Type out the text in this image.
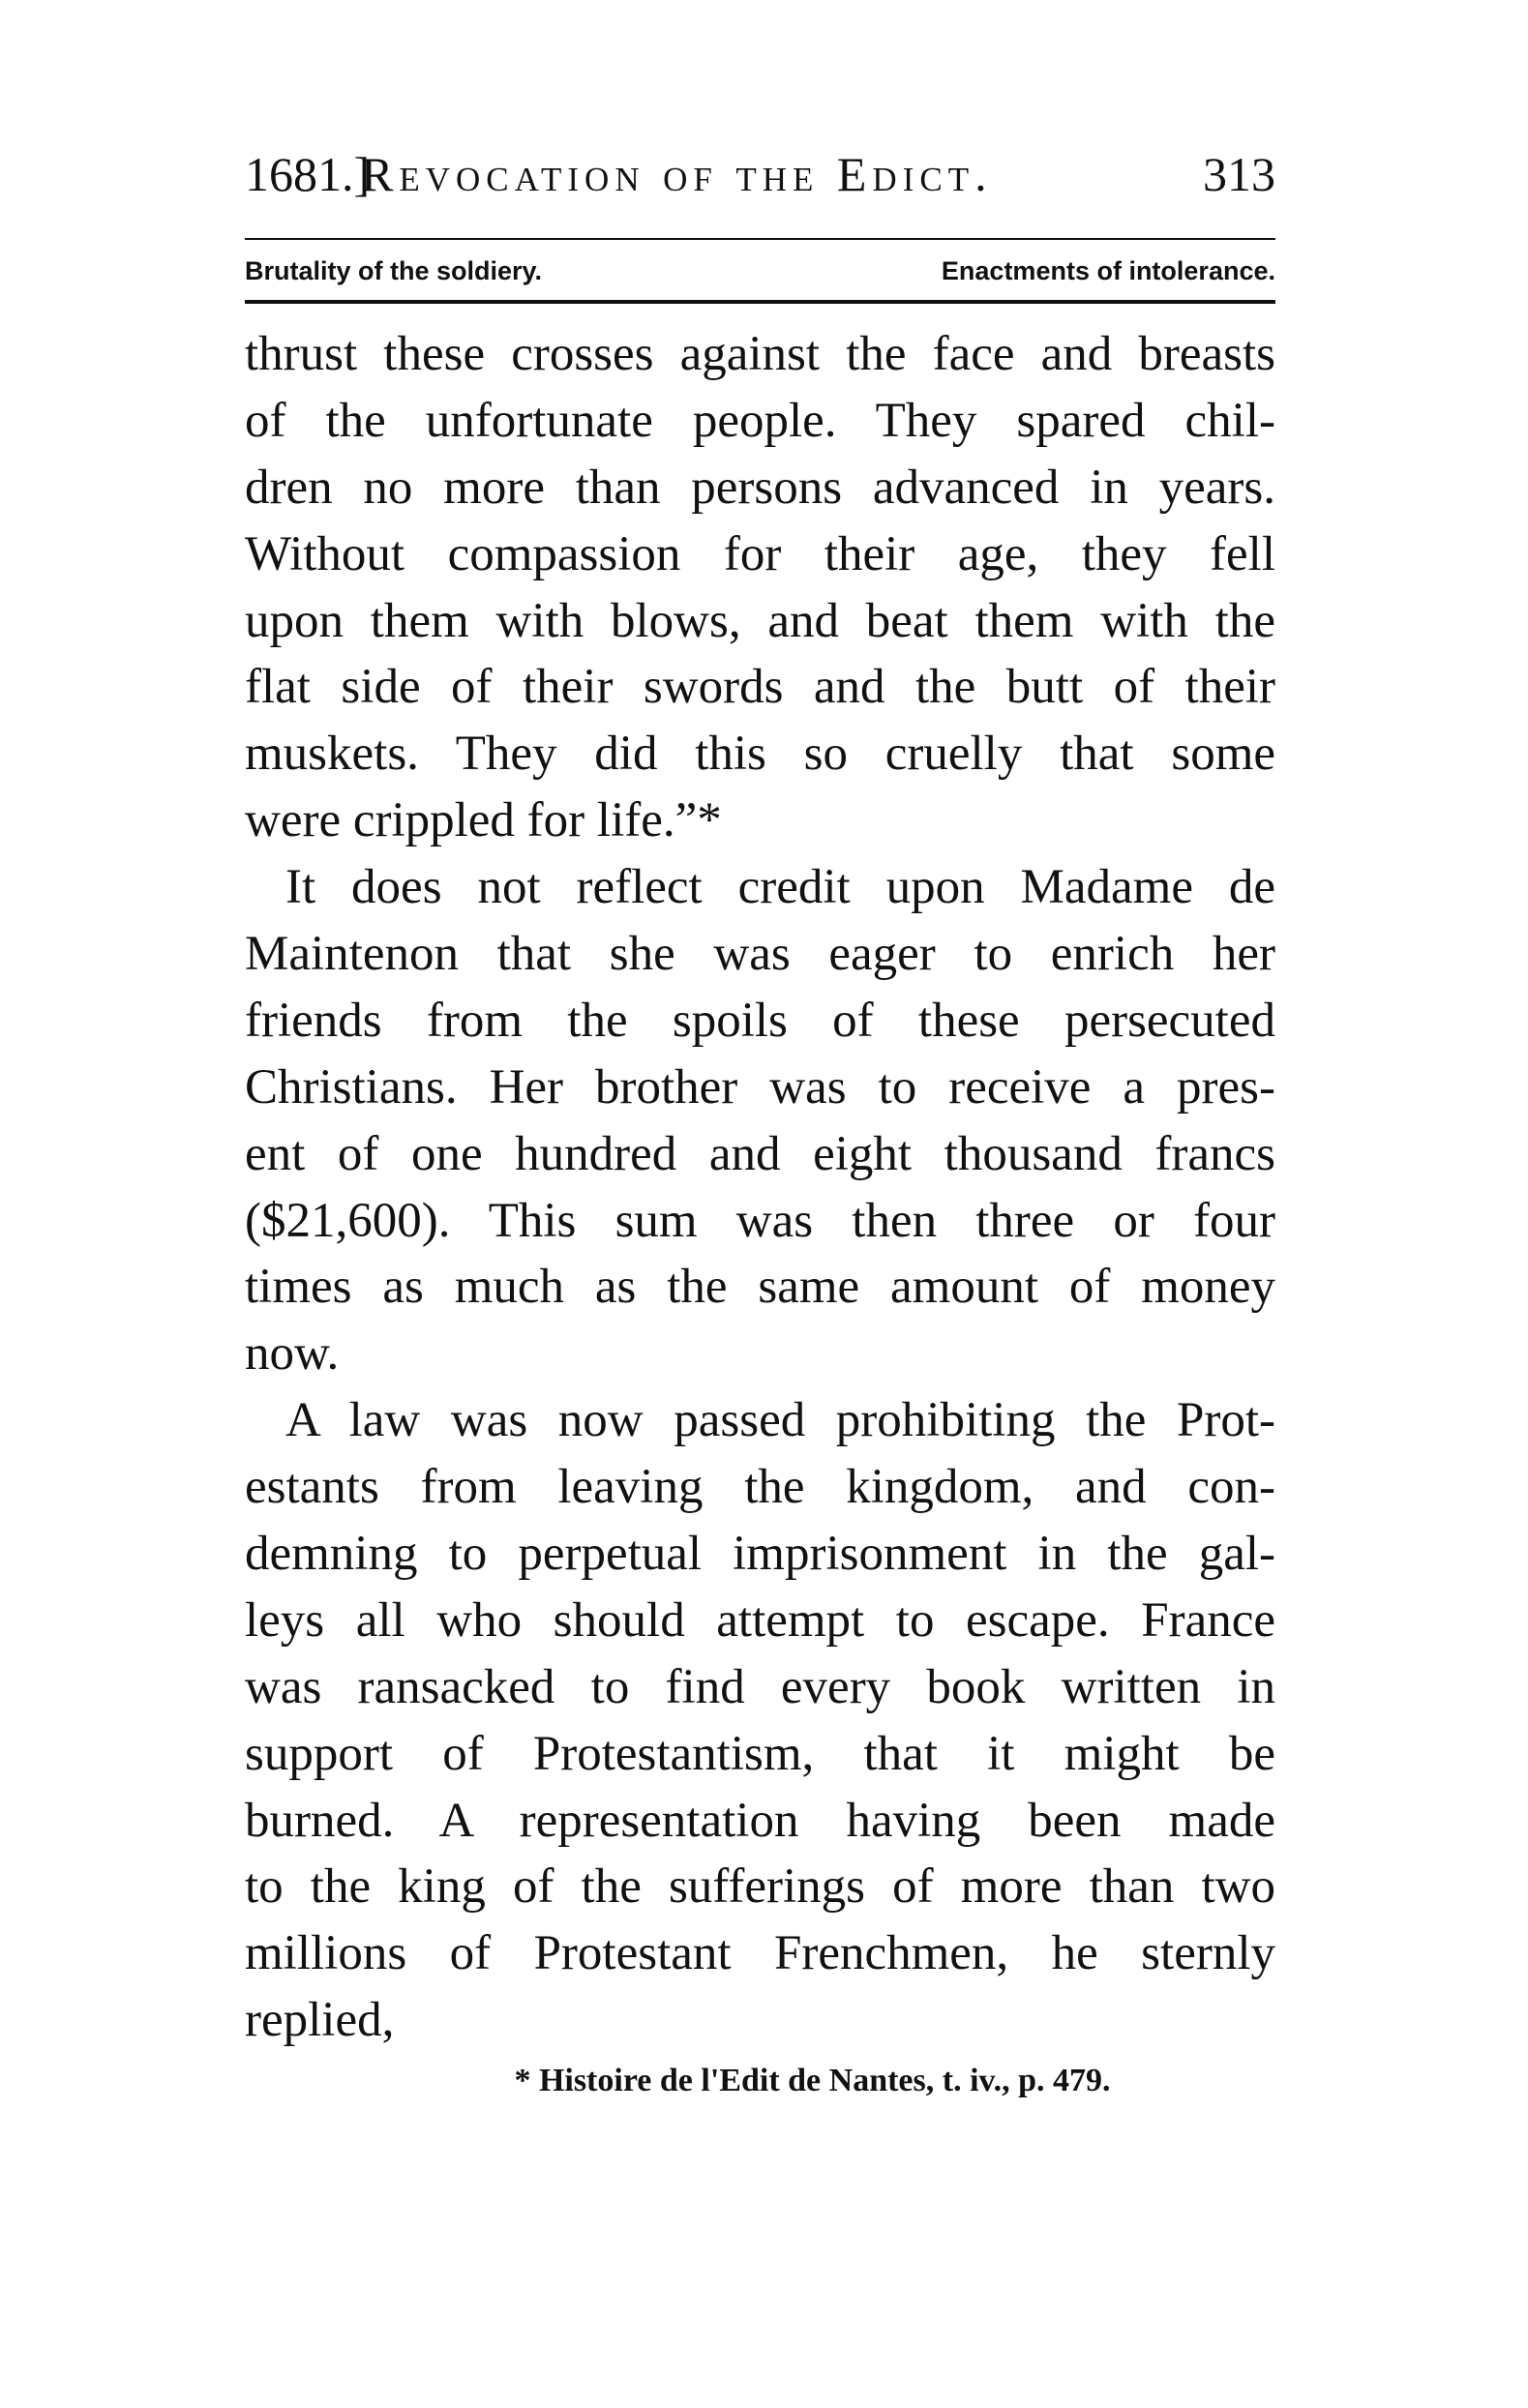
1681.]
Revocation of the Edict.	313
Brutality of the soldiery.	Enactments of intolerance.
thrust these crosses against the face and breasts
of the unfortunate people. They spared chil-
dren no more than persons advanced in years.
Without compassion for their age, they fell
upon them with blows, and beat them with the
flat side of their swords and the butt of their
muskets. They did this so cruelly that some
were crippled for life.”*
It does not reflect credit upon Madame de
Maintenon that she was eager to enrich her
friends from the spoils of these persecuted
Christians. Her brother was to receive a pres-
ent of one hundred and eight thousand francs
($21,600). This sum was then three or four
times as much as the same amount of money
now.
A law was now passed prohibiting the Prot-
estants from leaving the kingdom, and con-
demning to perpetual imprisonment in the gal-
leys all who should attempt to escape. France
was ransacked to find every book written in
support of Protestantism, that it might be
burned. A representation having been made
to the king of the sufferings of more than two
millions of Protestant Frenchmen, he sternly
replied,
* Histoire de l'Edit de Nantes, t. iv., p. 479.
